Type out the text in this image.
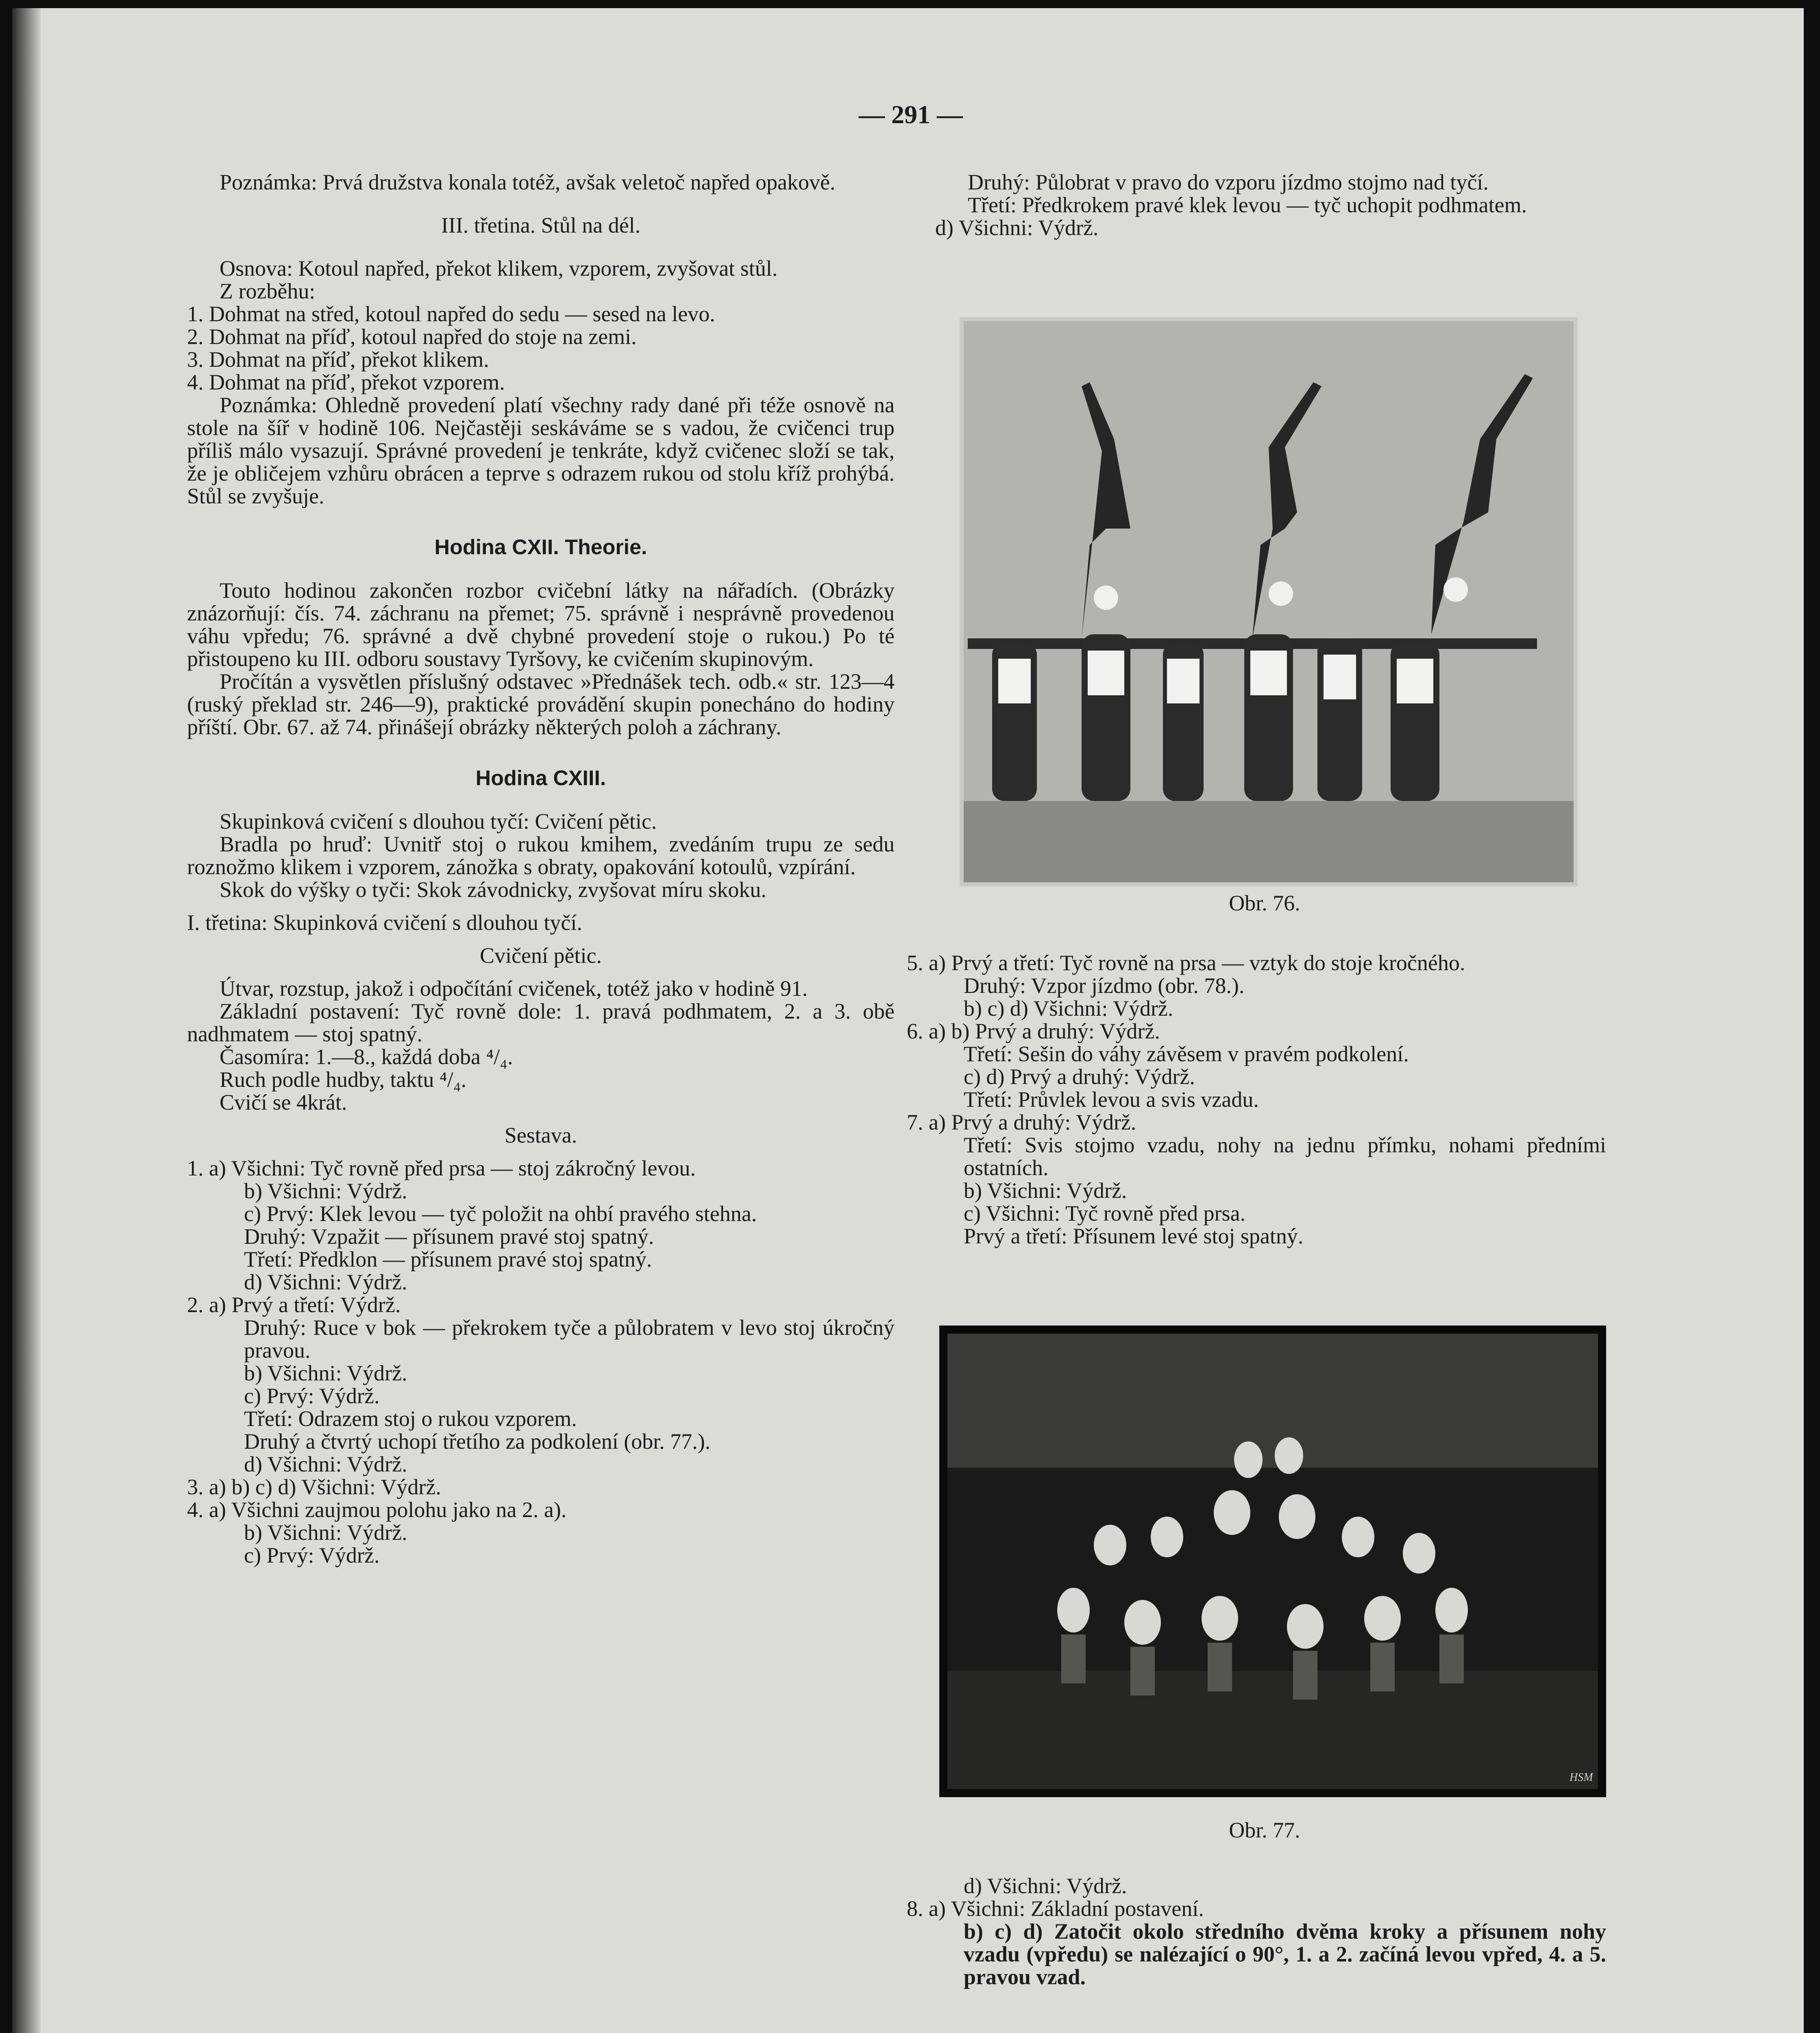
— 291 —

Poznámka: Prvá družstva konala totéž, avšak veletoč napřed opakově.

III. třetina. Stůl na dél.

Osnova: Kotoul napřed, překot klikem, vzporem, zvyšovat stůl.

Z rozběhu:

1. Dohmat na střed, kotoul napřed do sedu — sesed na levo.

2. Dohmat na příď, kotoul napřed do stoje na zemi.

3. Dohmat na příď, překot klikem.

4. Dohmat na příď, překot vzporem.

Poznámka: Ohledně provedení platí všechny rady dané při téže osnově na stole na šíř v hodině 106. Nejčastěji seskáváme se s vadou, že cvičenci trup příliš málo vysazují. Správné provedení je tenkráte, když cvičenec složí se tak, že je obličejem vzhůru obrácen a teprve s odrazem rukou od stolu kříž prohýbá. Stůl se zvyšuje.

Hodina CXII. Theorie.

Touto hodinou zakončen rozbor cvičební látky na nářadích. (Obrázky znázorňují: čís. 74. záchranu na přemet; 75. správně i nesprávně provedenou váhu vpředu; 76. správné a dvě chybné provedení stoje o rukou.) Po té přistoupeno ku III. odboru soustavy Tyršovy, ke cvičením skupinovým.

Pročítán a vysvětlen příslušný odstavec »Přednášek tech. odb.« str. 123—4 (ruský překlad str. 246—9), praktické provádění skupin ponecháno do hodiny příští. Obr. 67. až 74. přinášejí obrázky některých poloh a záchrany.

Hodina CXIII.

Skupinková cvičení s dlouhou tyčí: Cvičení pětic.

Bradla po hruď: Uvnitř stoj o rukou kmihem, zvedáním trupu ze sedu roznožmo klikem i vzporem, zánožka s obraty, opakování kotoulů, vzpírání.

Skok do výšky o tyči: Skok závodnicky, zvyšovat míru skoku.

I. třetina: Skupinková cvičení s dlouhou tyčí.

Cvičení pětic.

Útvar, rozstup, jakož i odpočítání cvičenek, totéž jako v hodině 91.

Základní postavení: Tyč rovně dole: 1. pravá podhmatem, 2. a 3. obě nadhmatem — stoj spatný.

Časomíra: 1.—8., každá doba ⁴/₄.

Ruch podle hudby, taktu ⁴/₄.

Cvičí se 4krát.

Sestava.

1. a) Všichni: Tyč rovně před prsa — stoj zákročný levou.

b) Všichni: Výdrž.

c) Prvý: Klek levou — tyč položit na ohbí pravého stehna.

Druhý: Vzpažit — přísunem pravé stoj spatný.

Třetí: Předklon — přísunem pravé stoj spatný.

d) Všichni: Výdrž.

2. a) Prvý a třetí: Výdrž.

Druhý: Ruce v bok — překrokem tyče a půlobratem v levo stoj úkročný pravou.

b) Všichni: Výdrž.

c) Prvý: Výdrž.

Třetí: Odrazem stoj o rukou vzporem.

Druhý a čtvrtý uchopí třetího za podkolení (obr. 77.).

d) Všichni: Výdrž.

3. a) b) c) d) Všichni: Výdrž.

4. a) Všichni zaujmou polohu jako na 2. a).

b) Všichni: Výdrž.

c) Prvý: Výdrž.

Druhý: Půlobrat v pravo do vzporu jízdmo stojmo nad tyčí.

Třetí: Předkrokem pravé klek levou — tyč uchopit podhmatem.

d) Všichni: Výdrž.

Obr. 76.

5. a) Prvý a třetí: Tyč rovně na prsa — vztyk do stoje kročného.

Druhý: Vzpor jízdmo (obr. 78.).

b) c) d) Všichni: Výdrž.

6. a) b) Prvý a druhý: Výdrž.

Třetí: Sešin do váhy závěsem v pravém podkolení.

c) d) Prvý a druhý: Výdrž.

Třetí: Průvlek levou a svis vzadu.

7. a) Prvý a druhý: Výdrž.

Třetí: Svis stojmo vzadu, nohy na jednu přímku, nohami předními ostatních.

b) Všichni: Výdrž.

c) Všichni: Tyč rovně před prsa.

Prvý a třetí: Přísunem levé stoj spatný.

HSM
Obr. 77.

d) Všichni: Výdrž.

8. a) Všichni: Základní postavení.

b) c) d) Zatočit okolo středního dvěma kroky a přísunem nohy vzadu (vpředu) se nalézající o 90°, 1. a 2. začíná levou vpřed, 4. a 5. pravou vzad.
